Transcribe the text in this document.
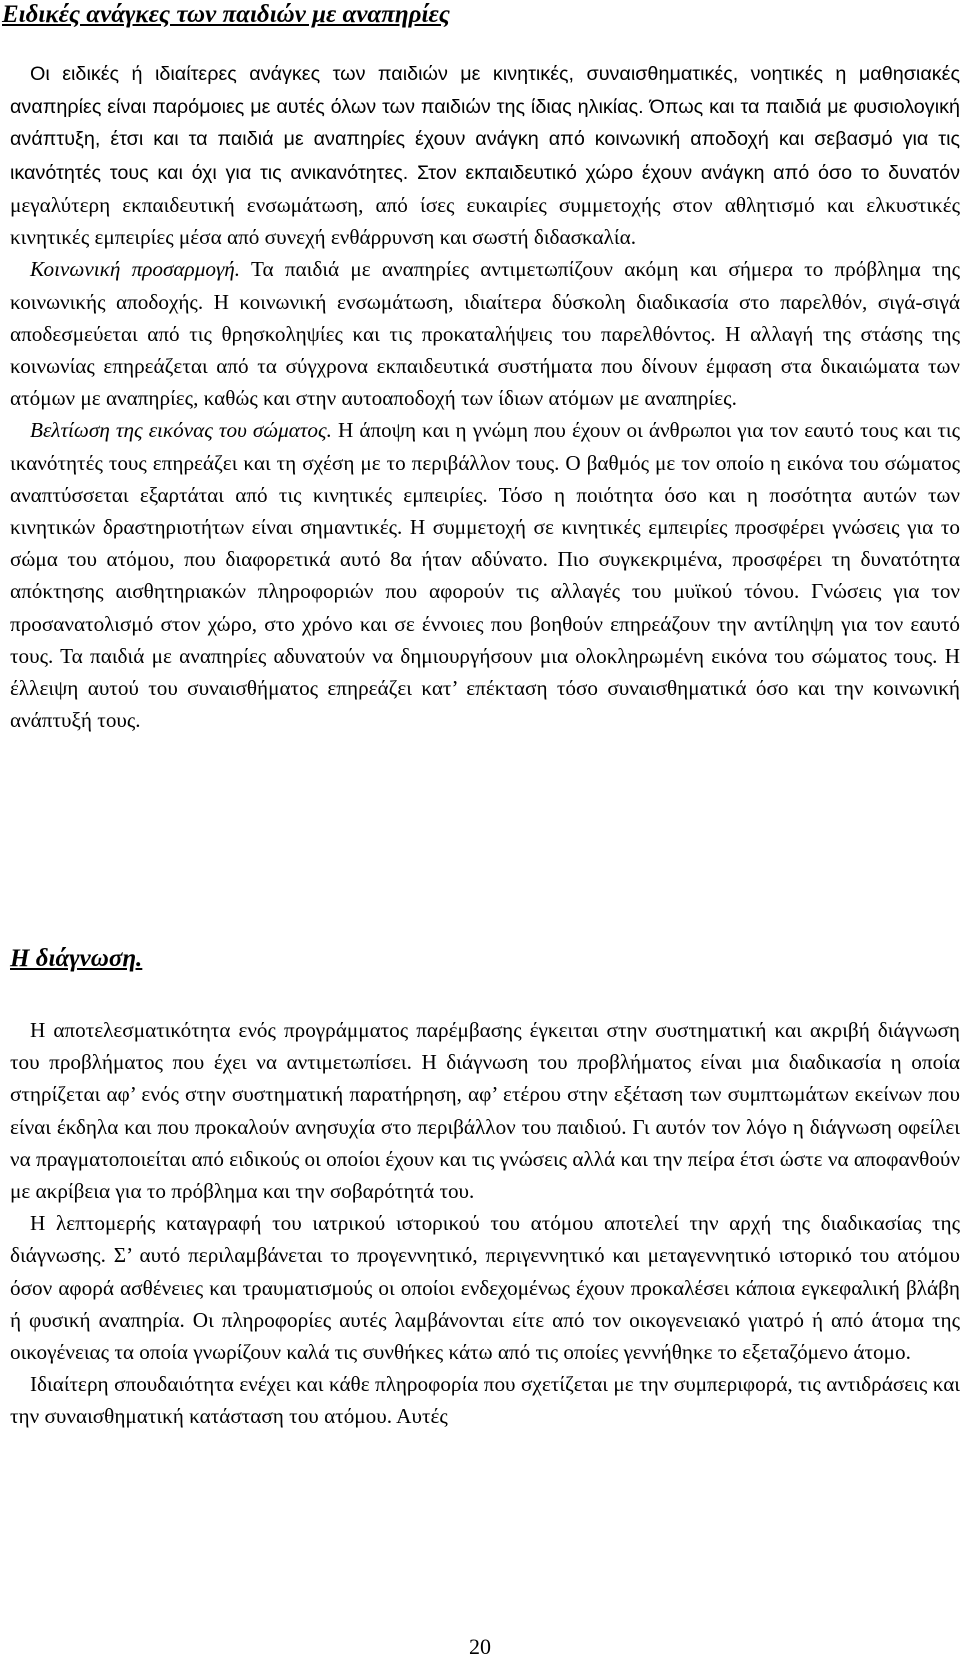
Ειδικές ανάγκες των παιδιών με αναπηρίες

Οι ειδικές ή ιδιαίτερες ανάγκες των παιδιών με κινητικές, συναισθηματικές, νοητικές η μαθησιακές αναπηρίες είναι παρόμοιες με αυτές όλων των παιδιών της ίδιας ηλικίας. Όπως και τα παιδιά με φυσιολογική ανάπτυξη, έτσι και τα παιδιά με αναπηρίες έχουν ανάγκη από κοινωνική αποδοχή και σεβασμό για τις ικανότητές τους και όχι για τις ανικανότητες. Στον εκπαιδευτικό χώρο έχουν ανάγκη από όσο το δυνατόν μεγαλύτερη εκπαιδευτική ενσωμάτωση, από ίσες ευκαιρίες συμμετοχής στον αθλητισμό και ελκυστικές κινητικές εμπειρίες μέσα από συνεχή ενθάρρυνση και σωστή διδασκαλία.

Κοινωνική προσαρμογή. Τα παιδιά με αναπηρίες αντιμετωπίζουν ακόμη και σήμερα το πρόβλημα της κοινωνικής αποδοχής. Η κοινωνική ενσωμάτωση, ιδιαίτερα δύσκολη διαδικασία στο παρελθόν, σιγά-σιγά αποδεσμεύεται από τις θρησκοληψίες και τις προκαταλήψεις του παρελθόντος. Η αλλαγή της στάσης της κοινωνίας επηρεάζεται από τα σύγχρονα εκπαιδευτικά συστήματα που δίνουν έμφαση στα δικαιώματα των ατόμων με αναπηρίες, καθώς και στην αυτοαποδοχή των ίδιων ατόμων με αναπηρίες.

Βελτίωση της εικόνας του σώματος. Η άποψη και η γνώμη που έχουν οι άνθρωποι για τον εαυτό τους και τις ικανότητές τους επηρεάζει και τη σχέση με το περιβάλλον τους. Ο βαθμός με τον οποίο η εικόνα του σώματος αναπτύσσεται εξαρτάται από τις κινητικές εμπειρίες. Τόσο η ποιότητα όσο και η ποσότητα αυτών των κινητικών δραστηριοτήτων είναι σημαντικές. Η συμμετοχή σε κινητικές εμπειρίες προσφέρει γνώσεις για το σώμα του ατόμου, που διαφορετικά αυτό 8α ήταν αδύνατο. Πιο συγκεκριμένα, προσφέρει τη δυνατότητα απόκτησης αισθητηριακών πληροφοριών που αφορούν τις αλλαγές του μυϊκού τόνου. Γνώσεις για τον προσανατολισμό στον χώρο, στο χρόνο και σε έννοιες που βοηθούν επηρεάζουν την αντίληψη για τον εαυτό τους. Τα παιδιά με αναπηρίες αδυνατούν να δημιουργήσουν μια ολοκληρωμένη εικόνα του σώματος τους. Η έλλειψη αυτού του συναισθήματος επηρεάζει κατ’ επέκταση τόσο συναισθηματικά όσο και την κοινωνική ανάπτυξή τους.

Η διάγνωση.

Η αποτελεσματικότητα ενός προγράμματος παρέμβασης έγκειται στην συστηματική και ακριβή διάγνωση του προβλήματος που έχει να αντιμετωπίσει. Η διάγνωση του προβλήματος είναι μια διαδικασία η οποία στηρίζεται αφ’ ενός στην συστηματική παρατήρηση, αφ’ ετέρου στην εξέταση των συμπτωμάτων εκείνων που είναι έκδηλα και που προκαλούν ανησυχία στο περιβάλλον του παιδιού. Γι αυτόν τον λόγο η διάγνωση οφείλει να πραγματοποιείται από ειδικούς οι οποίοι έχουν και τις γνώσεις αλλά και την πείρα έτσι ώστε να αποφανθούν με ακρίβεια για το πρόβλημα και την σοβαρότητά του.

Η λεπτομερής καταγραφή του ιατρικού ιστορικού του ατόμου αποτελεί την αρχή της διαδικασίας της διάγνωσης. Σ’ αυτό περιλαμβάνεται το προγεννητικό, περιγεννητικό και μεταγεννητικό ιστορικό του ατόμου όσον αφορά ασθένειες και τραυματισμούς οι οποίοι ενδεχομένως έχουν προκαλέσει κάποια εγκεφαλική βλάβη ή φυσική αναπηρία. Οι πληροφορίες αυτές λαμβάνονται είτε από τον οικογενειακό γιατρό ή από άτομα της οικογένειας τα οποία γνωρίζουν καλά τις συνθήκες κάτω από τις οποίες γεννήθηκε το εξεταζόμενο άτομο.

Ιδιαίτερη σπουδαιότητα ενέχει και κάθε πληροφορία που σχετίζεται με την συμπεριφορά, τις αντιδράσεις και την συναισθηματική κατάσταση του ατόμου. Αυτές

20
